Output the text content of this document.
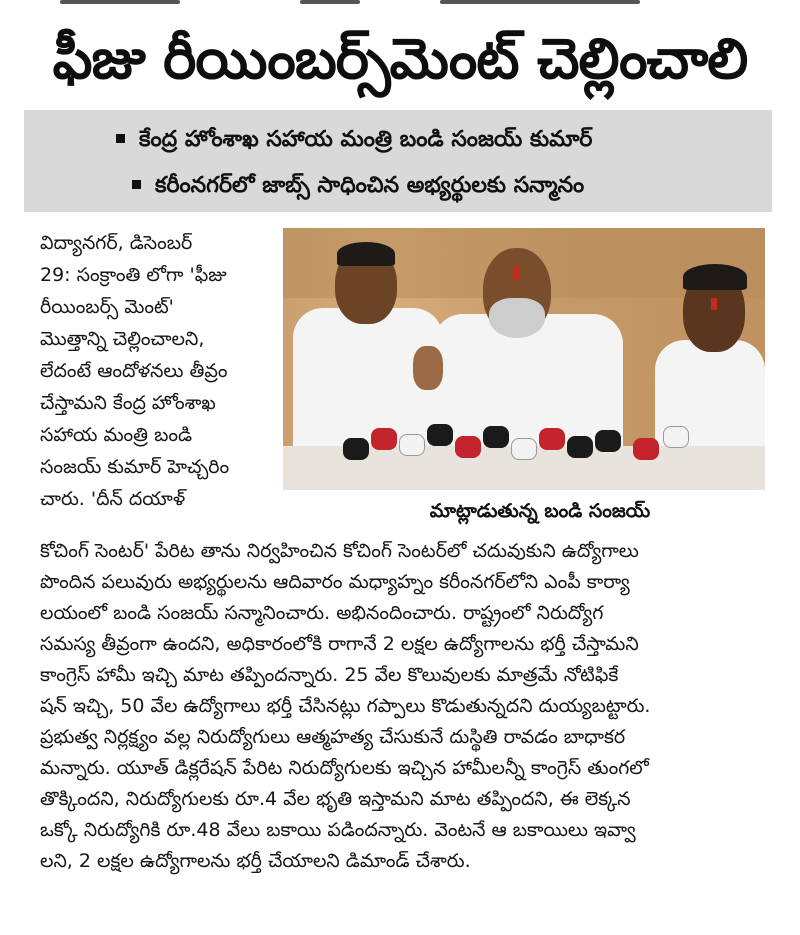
ఫీజు రీయింబర్స్‌మెంట్ చెల్లించాలి
కేంద్ర హోంశాఖ సహాయ మంత్రి బండి సంజయ్ కుమార్
కరీంనగర్‌లో జాబ్స్ సాధించిన అభ్యర్థులకు సన్మానం
మాట్లాడుతున్న బండి సంజయ్
విద్యానగర్, డిసెంబర్
29: సంక్రాంతి లోగా 'ఫీజు
రీయింబర్స్ మెంట్'
మొత్తాన్ని చెల్లించాలని,
లేదంటే ఆందోళనలు తీవ్రం
చేస్తామని కేంద్ర హోంశాఖ
సహాయ మంత్రి బండి
సంజయ్ కుమార్ హెచ్చరిం
చారు. 'దీన్ దయాళ్
కోచింగ్ సెంటర్' పేరిట తాను నిర్వహించిన కోచింగ్ సెంటర్‌లో చదువుకుని ఉద్యోగాలు
పొందిన పలువురు అభ్యర్థులను ఆదివారం మధ్యాహ్నం కరీంనగర్‌లోని ఎంపీ కార్యా
లయంలో బండి సంజయ్ సన్మానించారు. అభినందించారు. రాష్ట్రంలో నిరుద్యోగ
సమస్య తీవ్రంగా ఉందని, అధికారంలోకి రాగానే 2 లక్షల ఉద్యోగాలను భర్తీ చేస్తామని
కాంగ్రెస్ హామీ ఇచ్చి మాట తప్పిందన్నారు. 25 వేల కొలువులకు మాత్రమే నోటిఫికే
షన్ ఇచ్చి, 50 వేల ఉద్యోగాలు భర్తీ చేసినట్లు గప్పాలు కొడుతున్నదని దుయ్యబట్టారు.
ప్రభుత్వ నిర్లక్ష్యం వల్ల నిరుద్యోగులు ఆత్మహత్య చేసుకునే దుస్థితి రావడం బాధాకర
మన్నారు. యూత్ డిక్లరేషన్ పేరిట నిరుద్యోగులకు ఇచ్చిన హామీలన్నీ కాంగ్రెస్ తుంగలో
తొక్కిందని, నిరుద్యోగులకు రూ.4 వేల భృతి ఇస్తామని మాట తప్పిందని, ఈ లెక్కన
ఒక్కో నిరుద్యోగికి రూ.48 వేలు బకాయి పడిందన్నారు. వెంటనే ఆ బకాయిలు ఇవ్వా
లని, 2 లక్షల ఉద్యోగాలను భర్తీ చేయాలని డిమాండ్ చేశారు.
